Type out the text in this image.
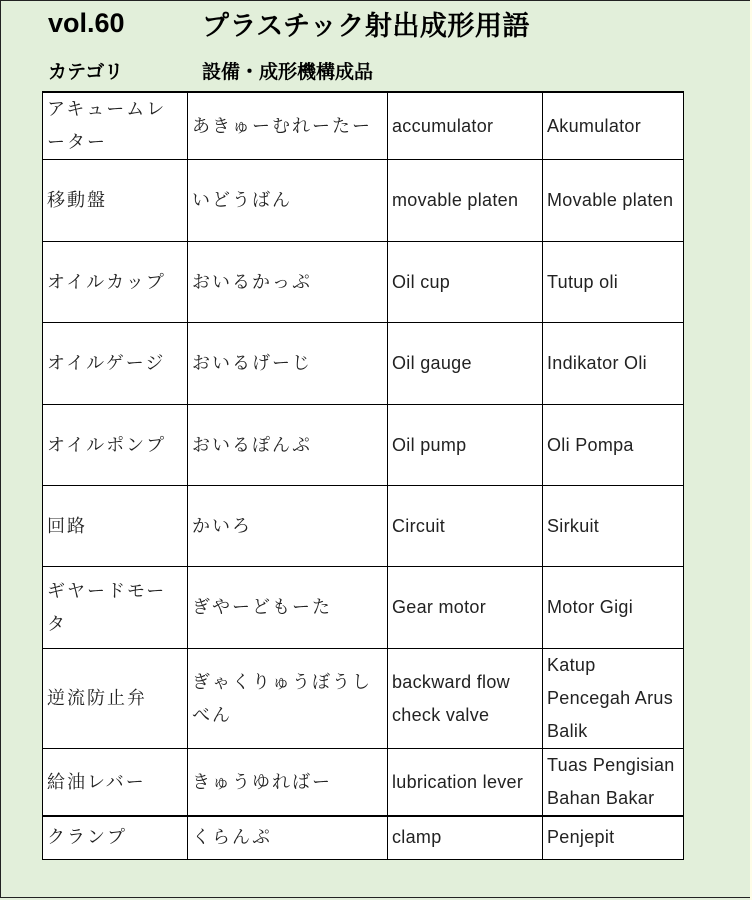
vol.60	プラスチック射出成形用語
カテゴリ	設備・成形機構成品
アキュームレーター	あきゅーむれーたー	accumulator	Akumulator
移動盤	いどうばん	movable platen	Movable platen
オイルカップ	おいるかっぷ	Oil cup	Tutup oli
オイルゲージ	おいるげーじ	Oil gauge	Indikator Oli
オイルポンプ	おいるぽんぷ	Oil pump	Oli Pompa
回路	かいろ	Circuit	Sirkuit
ギヤードモータ	ぎやーどもーた	Gear motor	Motor Gigi
逆流防止弁	ぎゃくりゅうぼうしべん	backward flow check valve	Katup Pencegah Arus Balik
給油レバー	きゅうゆればー	lubrication lever	Tuas Pengisian Bahan Bakar
クランプ	くらんぷ	clamp	Penjepit
